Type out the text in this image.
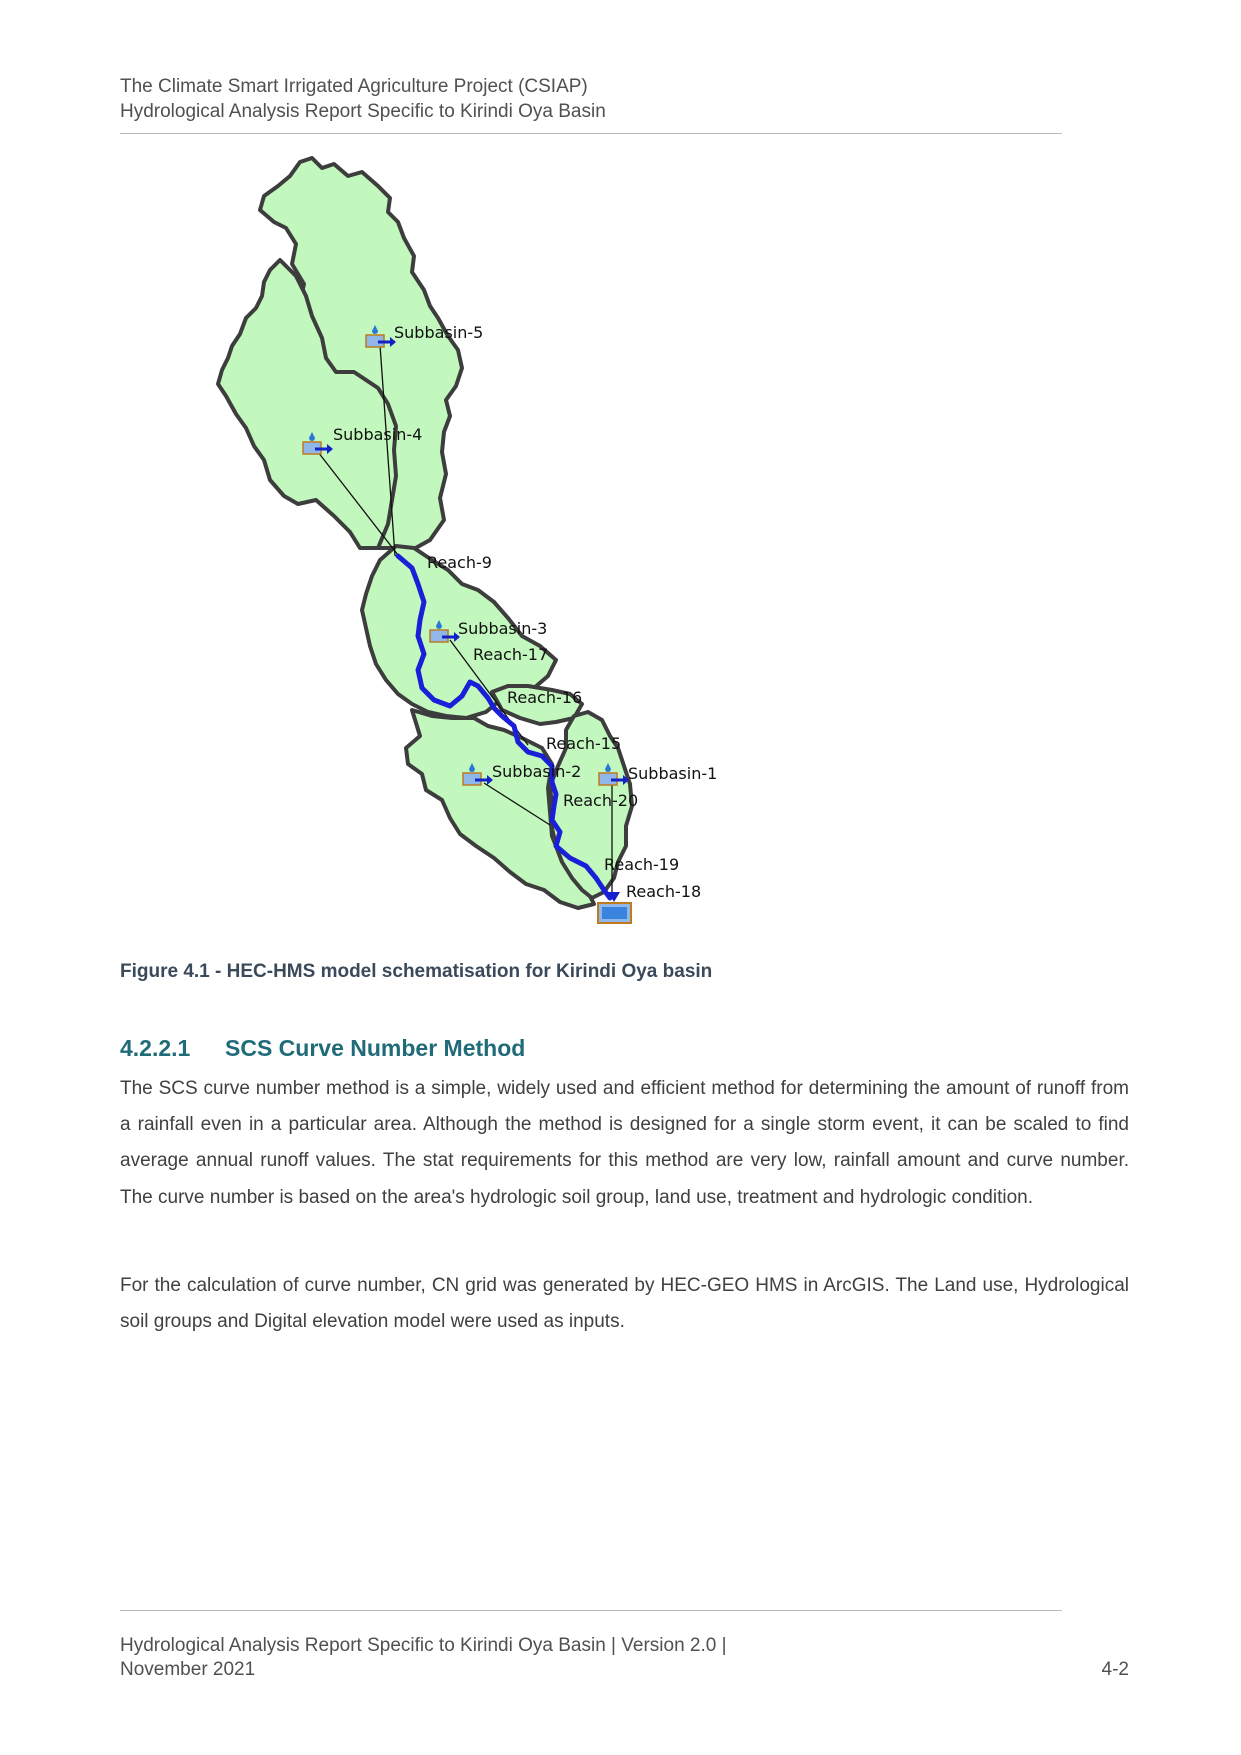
The Climate Smart Irrigated Agriculture Project (CSIAP)
Hydrological Analysis Report Specific to Kirindi Oya Basin
Subbasin-5
Subbasin-4
Reach-9
Subbasin-3
Reach-17
Reach-16
Reach-15
Subbasin-2	Subbasin-1
Reach-20
Reach-19
Reach-18
Figure 4.1 - HEC-HMS model schematisation for Kirindi Oya basin
4.2.2.1 SCS Curve Number Method

The SCS curve number method is a simple, widely used and efficient method for determining the amount of runoff from a rainfall even in a particular area. Although the method is designed for a single storm event, it can be scaled to find average annual runoff values. The stat requirements for this method are very low, rainfall amount and curve number. The curve number is based on the area's hydrologic soil group, land use, treatment and hydrologic condition.

For the calculation of curve number, CN grid was generated by HEC-GEO HMS in ArcGIS. The Land use, Hydrological soil groups and Digital elevation model were used as inputs.

Hydrological Analysis Report Specific to Kirindi Oya Basin | Version 2.0 |
November 2021	4-2
